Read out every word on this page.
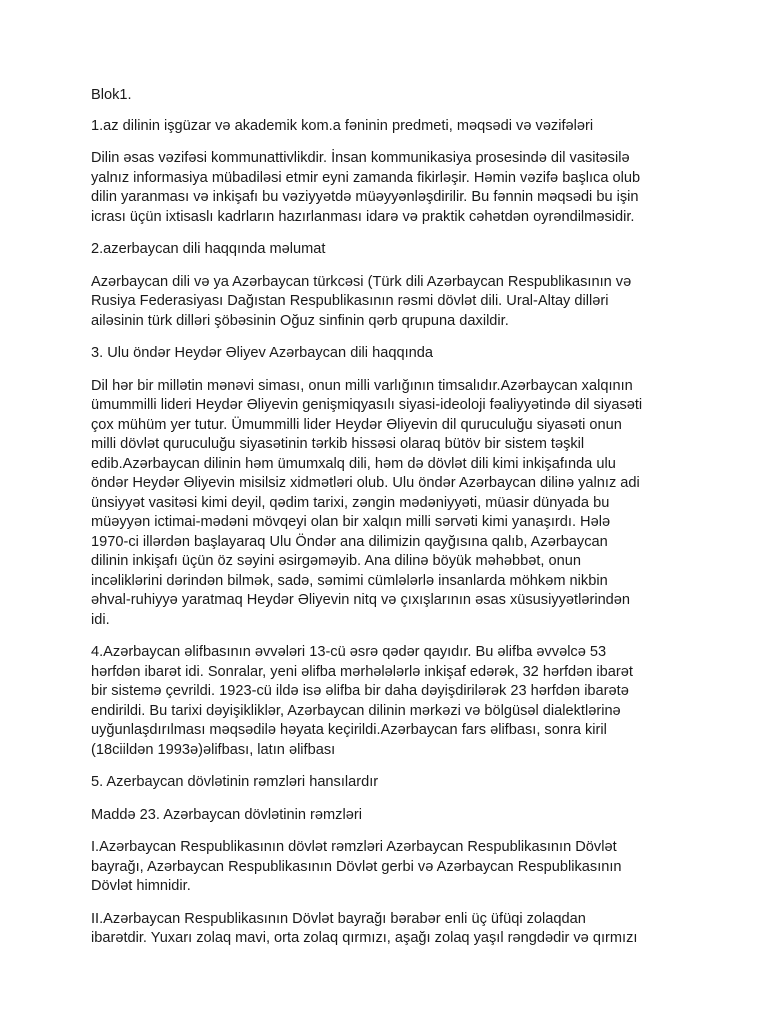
Blok1.
1.az dilinin işgüzar və akademik kom.a fəninin predmeti, məqsədi və vəzifələri
Dilin əsas vəzifəsi kommunattivlikdir. İnsan kommunikasiya prosesində dil vasitəsilə
yalnız informasiya mübadiləsi etmir eyni zamanda fikirləşir. Həmin vəzifə başlıca olub
dilin yaranması və inkişafı bu vəziyyətdə müəyyənləşdirilir. Bu fənnin məqsədi bu işin
icrası üçün ixtisaslı kadrların hazırlanması idarə və praktik cəhətdən oyrəndilməsidir.
2.azerbaycan dili haqqında məlumat
Azərbaycan dili və ya Azərbaycan türkcəsi (Türk dili Azərbaycan Respublikasının və
Rusiya Federasiyası Dağıstan Respublikasının rəsmi dövlət dili. Ural-Altay dilləri
ailəsinin türk dilləri şöbəsinin Oğuz sinfinin qərb qrupuna daxildir.
3. Ulu öndər Heydər Əliyev Azərbaycan dili haqqında
Dil hər bir millətin mənəvi siması, onun milli varlığının timsalıdır.Azərbaycan xalqının
ümummilli lideri Heydər Əliyevin genişmiqyasılı siyasi-ideoloji fəaliyyətində dil siyasəti
çox mühüm yer tutur. Ümummilli lider Heydər Əliyevin dil quruculuğu siyasəti onun
milli dövlət quruculuğu siyasətinin tərkib hissəsi olaraq bütöv bir sistem təşkil
edib.Azərbaycan dilinin həm ümumxalq dili, həm də dövlət dili kimi inkişafında ulu
öndər Heydər Əliyevin misilsiz xidmətləri olub. Ulu öndər Azərbaycan dilinə yalnız adi
ünsiyyət vasitəsi kimi deyil, qədim tarixi, zəngin mədəniyyəti, müasir dünyada bu
müəyyən ictimai-mədəni mövqeyi olan bir xalqın milli sərvəti kimi yanaşırdı. Hələ
1970-ci illərdən başlayaraq Ulu Öndər ana dilimizin qayğısına qalıb, Azərbaycan
dilinin inkişafı üçün öz səyini əsirgəməyib. Ana dilinə böyük məhəbbət, onun
incəliklərini dərindən bilmək, sadə, səmimi cümlələrlə insanlarda möhkəm nikbin
əhval-ruhiyyə yaratmaq Heydər Əliyevin nitq və çıxışlarının əsas xüsusiyyətlərindən
idi.
4.Azərbaycan əlifbasının əvvələri 13-cü əsrə qədər qayıdır. Bu əlifba əvvəlcə 53
hərfdən ibarət idi. Sonralar, yeni əlifba mərhələlərlə inkişaf edərək, 32 hərfdən ibarət
bir sistemə çevrildi. 1923-cü ildə isə əlifba bir daha dəyişdirilərək 23 hərfdən ibarətə
endirildi. Bu tarixi dəyişikliklər, Azərbaycan dilinin mərkəzi və bölgüsəl dialektlərinə
uyğunlaşdırılması məqsədilə həyata keçirildi.Azərbaycan fars əlifbası, sonra kiril
(18ciildən 1993ə)əlifbası, latın əlifbası
5. Azerbaycan dövlətinin rəmzləri hansılardır
Maddə 23. Azərbaycan dövlətinin rəmzləri
I.Azərbaycan Respublikasının dövlət rəmzləri Azərbaycan Respublikasının Dövlət
bayrağı, Azərbaycan Respublikasının Dövlət gerbi və Azərbaycan Respublikasının
Dövlət himnidir.
II.Azərbaycan Respublikasının Dövlət bayrağı bərabər enli üç üfüqi zolaqdan
ibarətdir. Yuxarı zolaq mavi, orta zolaq qırmızı, aşağı zolaq yaşıl rəngdədir və qırmızı
